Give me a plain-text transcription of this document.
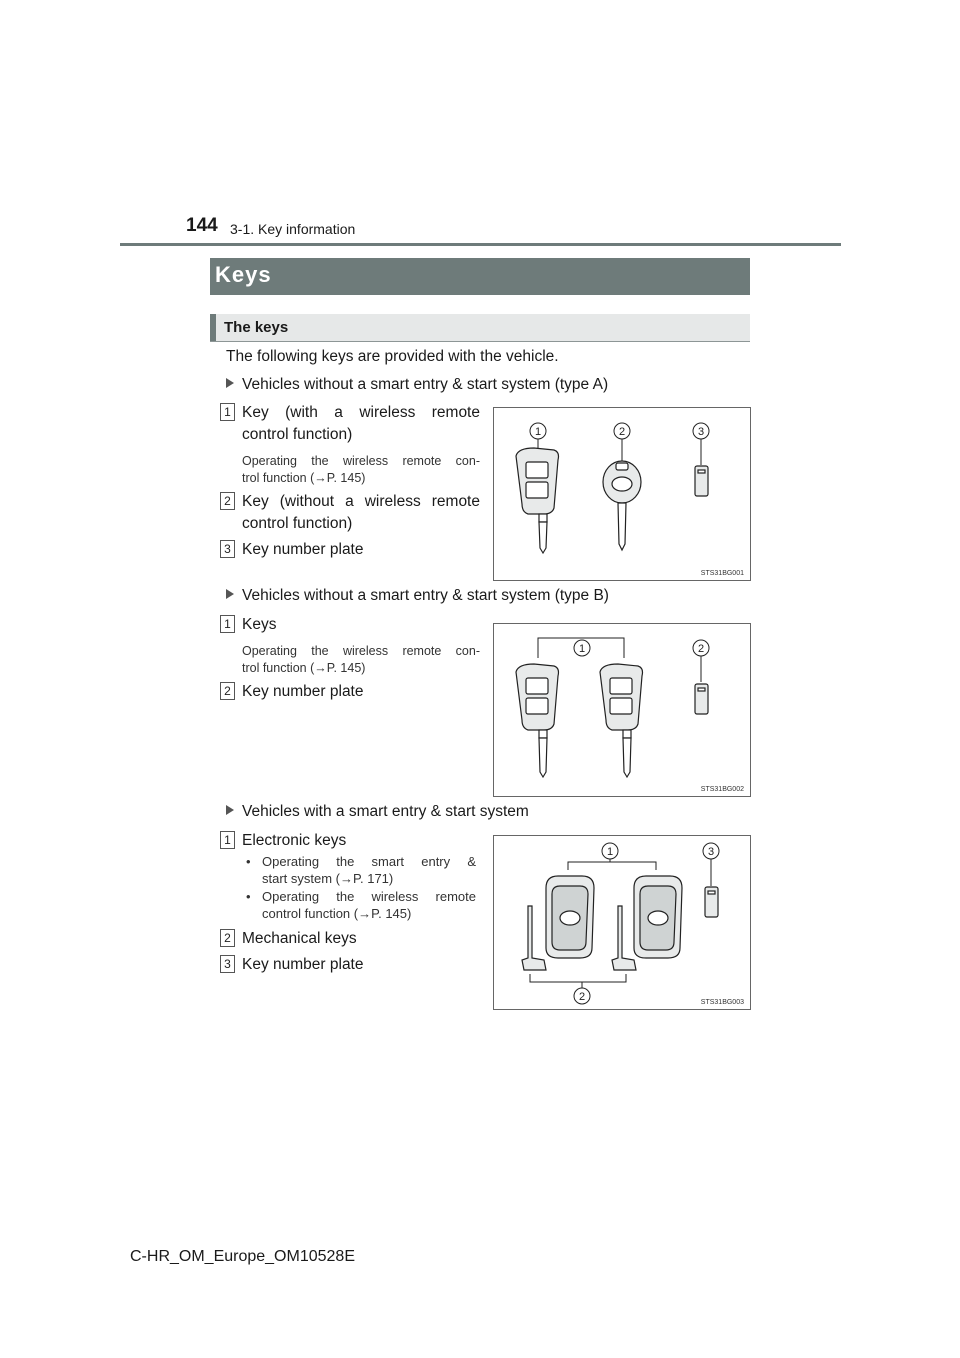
144 3-1. Key information
Keys
The keys
The following keys are provided with the vehicle.
Vehicles without a smart entry & start system (type A)
1 Key (with a wireless remote
control function)
Operating the wireless remote con-
trol function (→P. 145)
2 Key (without a wireless remote
control function)
3 Key number plate
1	2	3
STS31BG001
Vehicles without a smart entry & start system (type B)
1 Keys
Operating the wireless remote con-
trol function (→P. 145)
2 Key number plate
1	2
STS31BG002
Vehicles with a smart entry & start system
1 Electronic keys
• Operating the smart entry &
start system (→P. 171)
• Operating the wireless remote
control function (→P. 145)
2 Mechanical keys
3 Key number plate
1	3
2	STS31BG003
C-HR_OM_Europe_OM10528E
